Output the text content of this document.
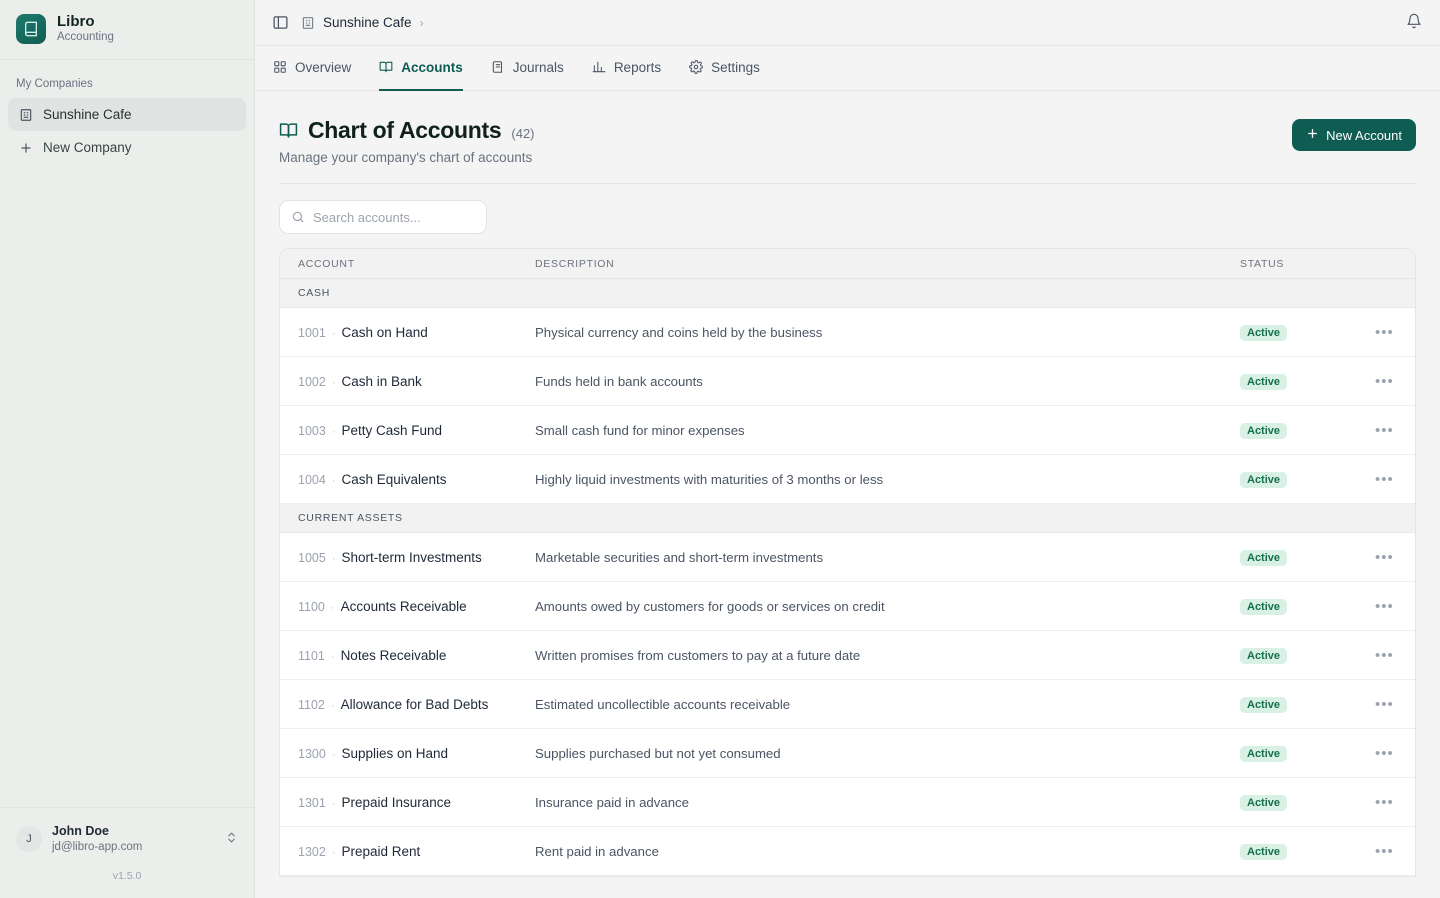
Libro
Accounting
My Companies
Sunshine Cafe
New Company
J
John Doe
jd@libro-app.com
v1.5.0
Sunshine Cafe ›
Overview	Accounts	Journals	Reports	Settings
Chart of Accounts (42)
Manage your company's chart of accounts
New Account
Search accounts...
ACCOUNT	DESCRIPTION	STATUS
CASH
1001 · Cash on Hand	Physical currency and coins held by the business	Active	•••
1002 · Cash in Bank	Funds held in bank accounts	Active	•••
1003 · Petty Cash Fund	Small cash fund for minor expenses	Active	•••
1004 · Cash Equivalents	Highly liquid investments with maturities of 3 months or less	Active	•••
CURRENT ASSETS
1005 · Short-term Investments	Marketable securities and short-term investments	Active	•••
1100 · Accounts Receivable	Amounts owed by customers for goods or services on credit	Active	•••
1101 · Notes Receivable	Written promises from customers to pay at a future date	Active	•••
1102 · Allowance for Bad Debts	Estimated uncollectible accounts receivable	Active	•••
1300 · Supplies on Hand	Supplies purchased but not yet consumed	Active	•••
1301 · Prepaid Insurance	Insurance paid in advance	Active	•••
1302 · Prepaid Rent	Rent paid in advance	Active	•••
